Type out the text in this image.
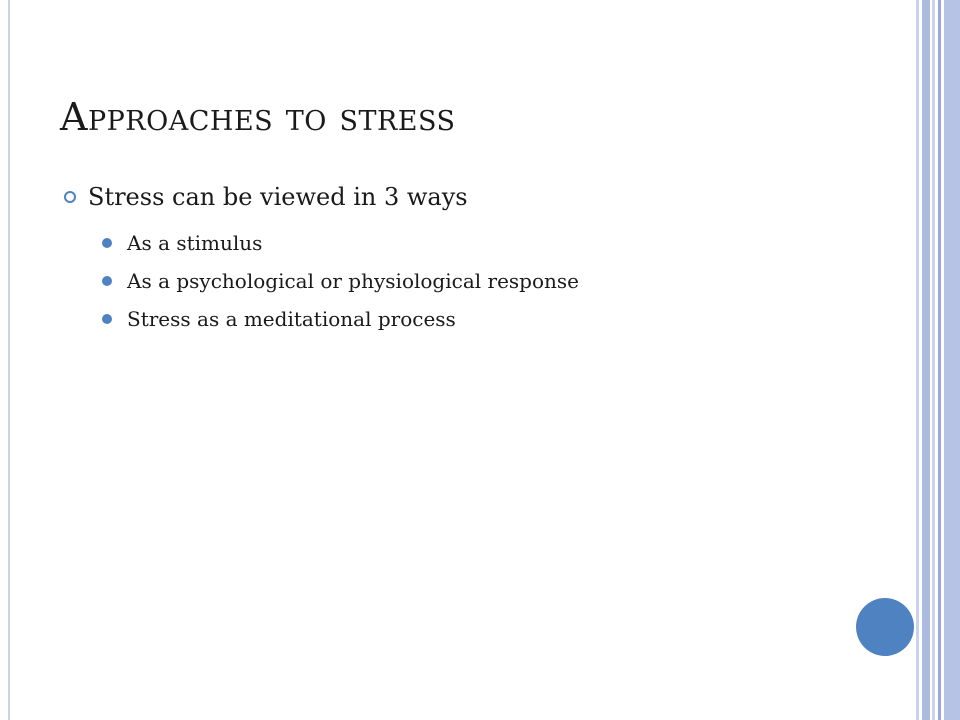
Approaches to stress
Stress can be viewed in 3 ways
As a stimulus
As a psychological or physiological response
Stress as a meditational process
